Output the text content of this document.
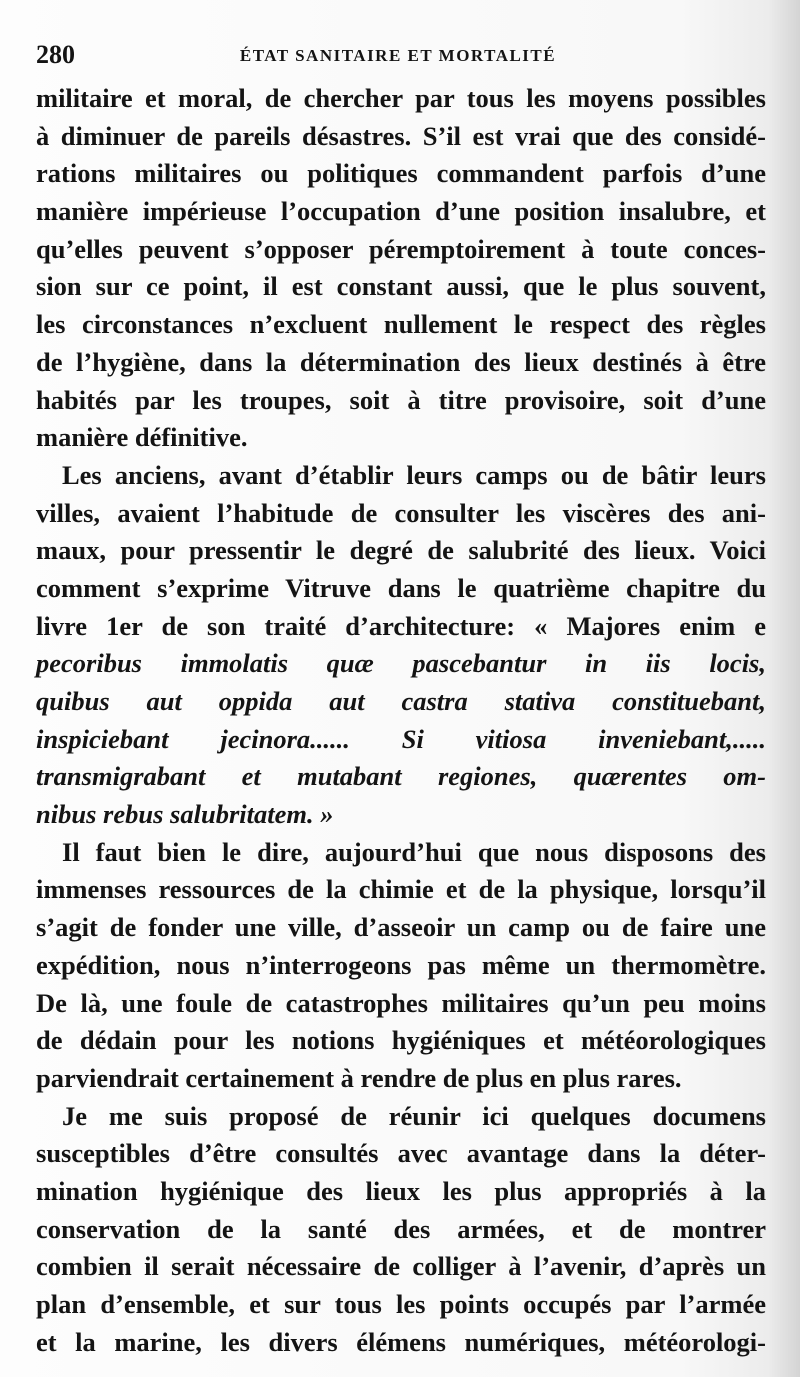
280	ÉTAT SANITAIRE ET MORTALITÉ
militaire et moral, de chercher par tous les moyens possibles
à diminuer de pareils désastres. S’il est vrai que des considé-
rations militaires ou politiques commandent parfois d’une
manière impérieuse l’occupation d’une position insalubre, et
qu’elles peuvent s’opposer péremptoirement à toute conces-
sion sur ce point, il est constant aussi, que le plus souvent,
les circonstances n’excluent nullement le respect des règles
de l’hygiène, dans la détermination des lieux destinés à être
habités par les troupes, soit à titre provisoire, soit d’une
manière définitive.
Les anciens, avant d’établir leurs camps ou de bâtir leurs
villes, avaient l’habitude de consulter les viscères des ani-
maux, pour pressentir le degré de salubrité des lieux. Voici
comment s’exprime Vitruve dans le quatrième chapitre du
livre 1er de son traité d’architecture: « Majores enim e
pecoribus immolatis quæ pascebantur in iis locis,
quibus aut oppida aut castra stativa constituebant,
inspiciebant jecinora...... Si vitiosa inveniebant,.....
transmigrabant et mutabant regiones, quærentes om-
nibus rebus salubritatem. »
Il faut bien le dire, aujourd’hui que nous disposons des
immenses ressources de la chimie et de la physique, lorsqu’il
s’agit de fonder une ville, d’asseoir un camp ou de faire une
expédition, nous n’interrogeons pas même un thermomètre.
De là, une foule de catastrophes militaires qu’un peu moins
de dédain pour les notions hygiéniques et météorologiques
parviendrait certainement à rendre de plus en plus rares.
Je me suis proposé de réunir ici quelques documens
susceptibles d’être consultés avec avantage dans la déter-
mination hygiénique des lieux les plus appropriés à la
conservation de la santé des armées, et de montrer
combien il serait nécessaire de colliger à l’avenir, d’après un
plan d’ensemble, et sur tous les points occupés par l’armée
et la marine, les divers élémens numériques, météorologi-
